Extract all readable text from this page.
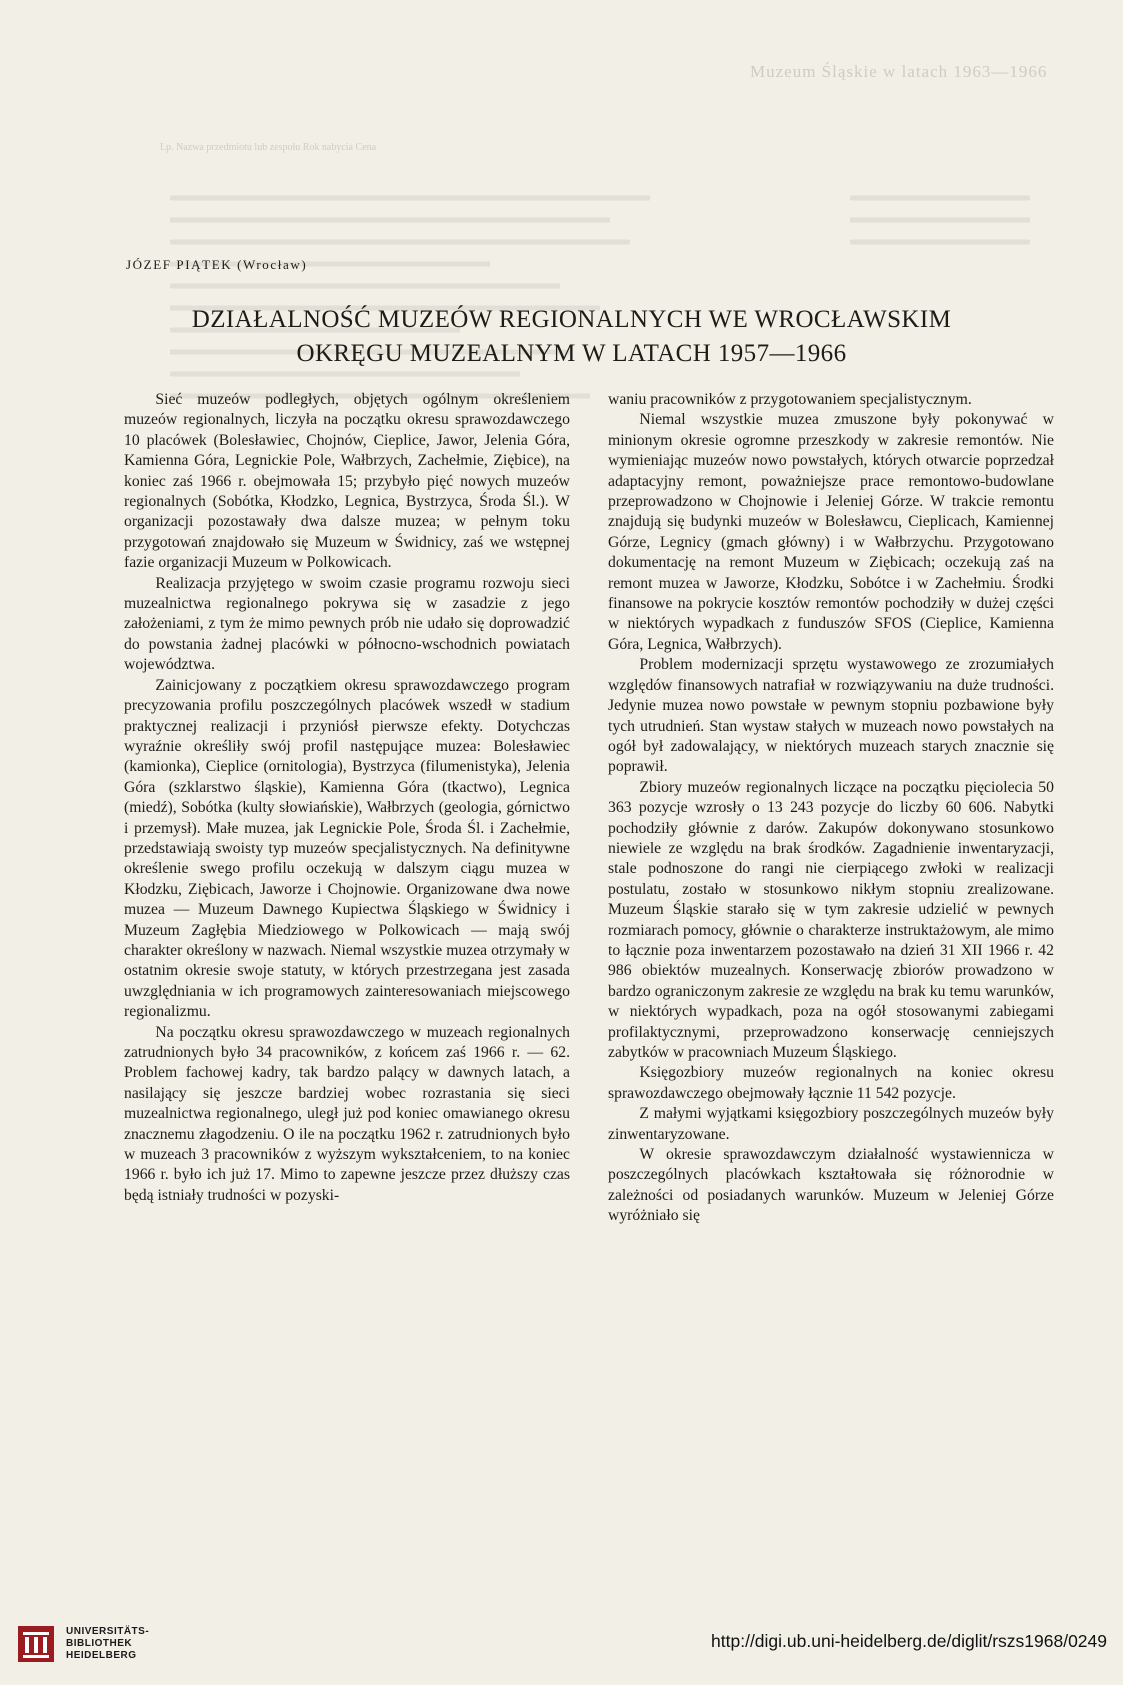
Muzeum Śląskie w latach 1963—1966
Lp. Nazwa przedmiotu lub zespołu Rok nabycia Cena
JÓZEF PIĄTEK (Wrocław)
DZIAŁALNOŚĆ MUZEÓW REGIONALNYCH WE WROCŁAWSKIM
OKRĘGU MUZEALNYM W LATACH 1957—1966

Sieć muzeów podległych, objętych ogólnym określeniem muzeów regionalnych, liczyła na początku okresu sprawozdawczego 10 placówek (Bolesławiec, Chojnów, Cieplice, Jawor, Jelenia Góra, Kamienna Góra, Legnickie Pole, Wałbrzych, Zachełmie, Ziębice), na koniec zaś 1966 r. obejmowała 15; przybyło pięć nowych muzeów regionalnych (Sobótka, Kłodzko, Legnica, Bystrzyca, Środa Śl.). W organizacji pozostawały dwa dalsze muzea; w pełnym toku przygotowań znajdowało się Muzeum w Świdnicy, zaś we wstępnej fazie organizacji Muzeum w Polkowicach.

Realizacja przyjętego w swoim czasie programu rozwoju sieci muzealnictwa regionalnego pokrywa się w zasadzie z jego założeniami, z tym że mimo pewnych prób nie udało się doprowadzić do powstania żadnej placówki w północno-wschodnich powiatach województwa.

Zainicjowany z początkiem okresu sprawozdawczego program precyzowania profilu poszczególnych placówek wszedł w stadium praktycznej realizacji i przyniósł pierwsze efekty. Dotychczas wyraźnie określiły swój profil następujące muzea: Bolesławiec (kamionka), Cieplice (ornitologia), Bystrzyca (filumenistyka), Jelenia Góra (szklarstwo śląskie), Kamienna Góra (tkactwo), Legnica (miedź), Sobótka (kulty słowiańskie), Wałbrzych (geologia, górnictwo i przemysł). Małe muzea, jak Legnickie Pole, Środa Śl. i Zachełmie, przedstawiają swoisty typ muzeów specjalistycznych. Na definitywne określenie swego profilu oczekują w dalszym ciągu muzea w Kłodzku, Ziębicach, Jaworze i Chojnowie. Organizowane dwa nowe muzea — Muzeum Dawnego Kupiectwa Śląskiego w Świdnicy i Muzeum Zagłębia Miedziowego w Polkowicach — mają swój charakter określony w nazwach. Niemal wszystkie muzea otrzymały w ostatnim okresie swoje statuty, w których przestrzegana jest zasada uwzględniania w ich programowych zainteresowaniach miejscowego regionalizmu.

Na początku okresu sprawozdawczego w muzeach regionalnych zatrudnionych było 34 pracowników, z końcem zaś 1966 r. — 62. Problem fachowej kadry, tak bardzo palący w dawnych latach, a nasilający się jeszcze bardziej wobec rozrastania się sieci muzealnictwa regionalnego, uległ już pod koniec omawianego okresu znacznemu złagodzeniu. O ile na początku 1962 r. zatrudnionych było w muzeach 3 pracowników z wyższym wykształceniem, to na koniec 1966 r. było ich już 17. Mimo to zapewne jeszcze przez dłuższy czas będą istniały trudności w pozyski-

waniu pracowników z przygotowaniem specjalistycznym.

Niemal wszystkie muzea zmuszone były pokonywać w minionym okresie ogromne przeszkody w zakresie remontów. Nie wymieniając muzeów nowo powstałych, których otwarcie poprzedzał adaptacyjny remont, poważniejsze prace remontowo-budowlane przeprowadzono w Chojnowie i Jeleniej Górze. W trakcie remontu znajdują się budynki muzeów w Bolesławcu, Cieplicach, Kamiennej Górze, Legnicy (gmach główny) i w Wałbrzychu. Przygotowano dokumentację na remont Muzeum w Ziębicach; oczekują zaś na remont muzea w Jaworze, Kłodzku, Sobótce i w Zachełmiu. Środki finansowe na pokrycie kosztów remontów pochodziły w dużej części w niektórych wypadkach z funduszów SFOS (Cieplice, Kamienna Góra, Legnica, Wałbrzych).

Problem modernizacji sprzętu wystawowego ze zrozumiałych względów finansowych natrafiał w rozwiązywaniu na duże trudności. Jedynie muzea nowo powstałe w pewnym stopniu pozbawione były tych utrudnień. Stan wystaw stałych w muzeach nowo powstałych na ogół był zadowalający, w niektórych muzeach starych znacznie się poprawił.

Zbiory muzeów regionalnych liczące na początku pięciolecia 50 363 pozycje wzrosły o 13 243 pozycje do liczby 60 606. Nabytki pochodziły głównie z darów. Zakupów dokonywano stosunkowo niewiele ze względu na brak środków. Zagadnienie inwentaryzacji, stale podnoszone do rangi nie cierpiącego zwłoki w realizacji postulatu, zostało w stosunkowo nikłym stopniu zrealizowane. Muzeum Śląskie starało się w tym zakresie udzielić w pewnych rozmiarach pomocy, głównie o charakterze instruktażowym, ale mimo to łącznie poza inwentarzem pozostawało na dzień 31 XII 1966 r. 42 986 obiektów muzealnych. Konserwację zbiorów prowadzono w bardzo ograniczonym zakresie ze względu na brak ku temu warunków, w niektórych wypadkach, poza na ogół stosowanymi zabiegami profilaktycznymi, przeprowadzono konserwację cenniejszych zabytków w pracowniach Muzeum Śląskiego.

Księgozbiory muzeów regionalnych na koniec okresu sprawozdawczego obejmowały łącznie 11 542 pozycje.

Z małymi wyjątkami księgozbiory poszczególnych muzeów były zinwentaryzowane.

W okresie sprawozdawczym działalność wystawiennicza w poszczególnych placówkach kształtowała się różnorodnie w zależności od posiadanych warunków. Muzeum w Jeleniej Górze wyróżniało się

UNIVERSITÄTS-
BIBLIOTHEK
HEIDELBERG
http://digi.ub.uni-heidelberg.de/diglit/rszs1968/0249
